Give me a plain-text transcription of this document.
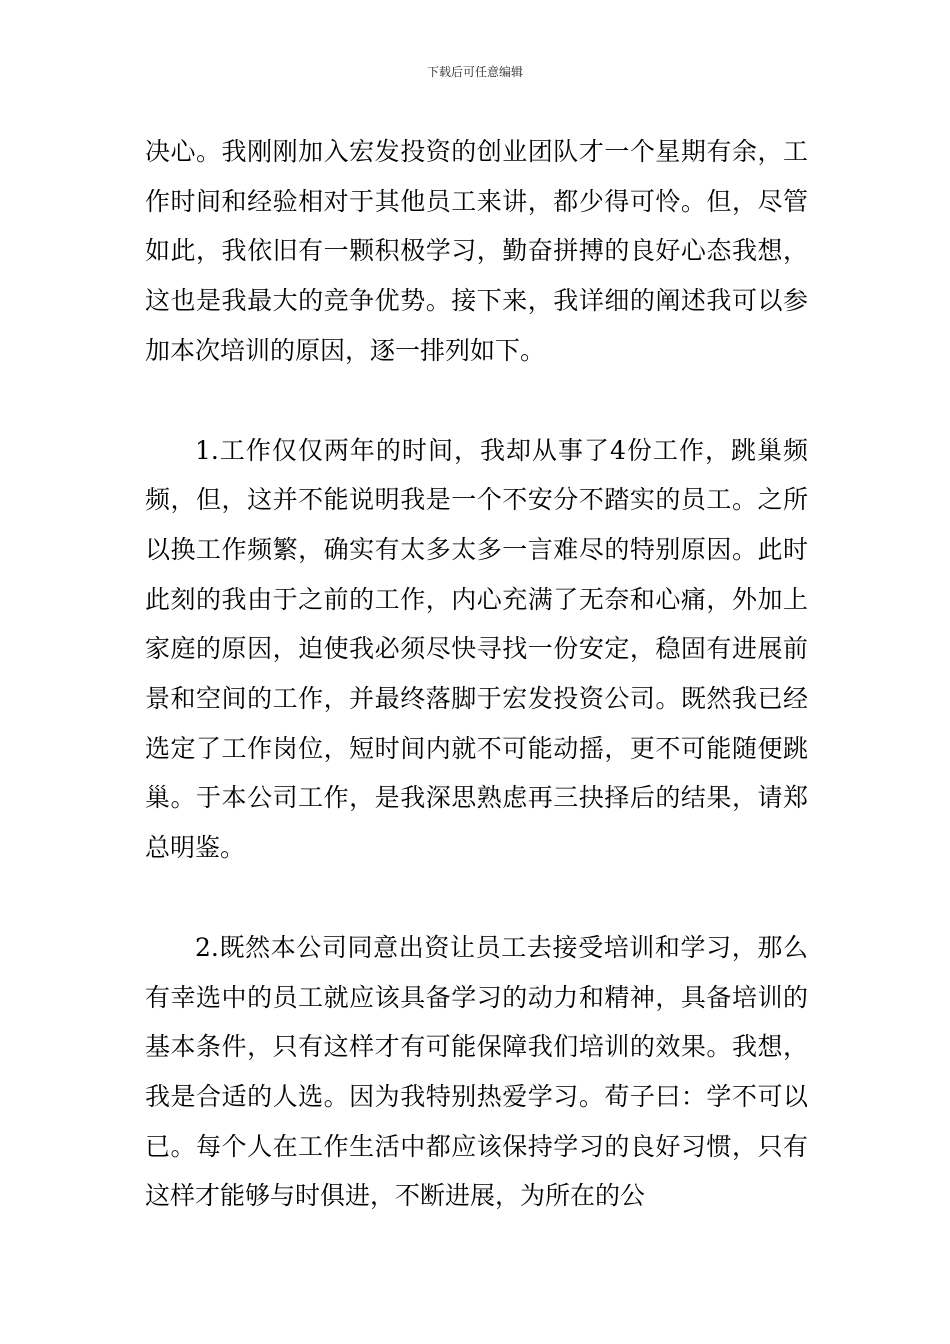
下载后可任意编辑

决心。我刚刚加入宏发投资的创业团队才一个星期有余，工作时间和经验相对于其他员工来讲，都少得可怜。但，尽管如此，我依旧有一颗积极学习，勤奋拼搏的良好心态我想，这也是我最大的竞争优势。接下来，我详细的阐述我可以参加本次培训的原因，逐一排列如下。

1.工作仅仅两年的时间，我却从事了4份工作，跳巢频频，但，这并不能说明我是一个不安分不踏实的员工。之所以换工作频繁，确实有太多太多一言难尽的特别原因。此时此刻的我由于之前的工作，内心充满了无奈和心痛，外加上家庭的原因，迫使我必须尽快寻找一份安定，稳固有进展前景和空间的工作，并最终落脚于宏发投资公司。既然我已经选定了工作岗位，短时间内就不可能动摇，更不可能随便跳巢。于本公司工作，是我深思熟虑再三抉择后的结果，请郑总明鉴。

2.既然本公司同意出资让员工去接受培训和学习，那么有幸选中的员工就应该具备学习的动力和精神，具备培训的基本条件，只有这样才有可能保障我们培训的效果。我想，我是合适的人选。因为我特别热爱学习。荀子曰：学不可以已。每个人在工作生活中都应该保持学习的良好习惯，只有这样才能够与时俱进，不断进展，为所在的公
